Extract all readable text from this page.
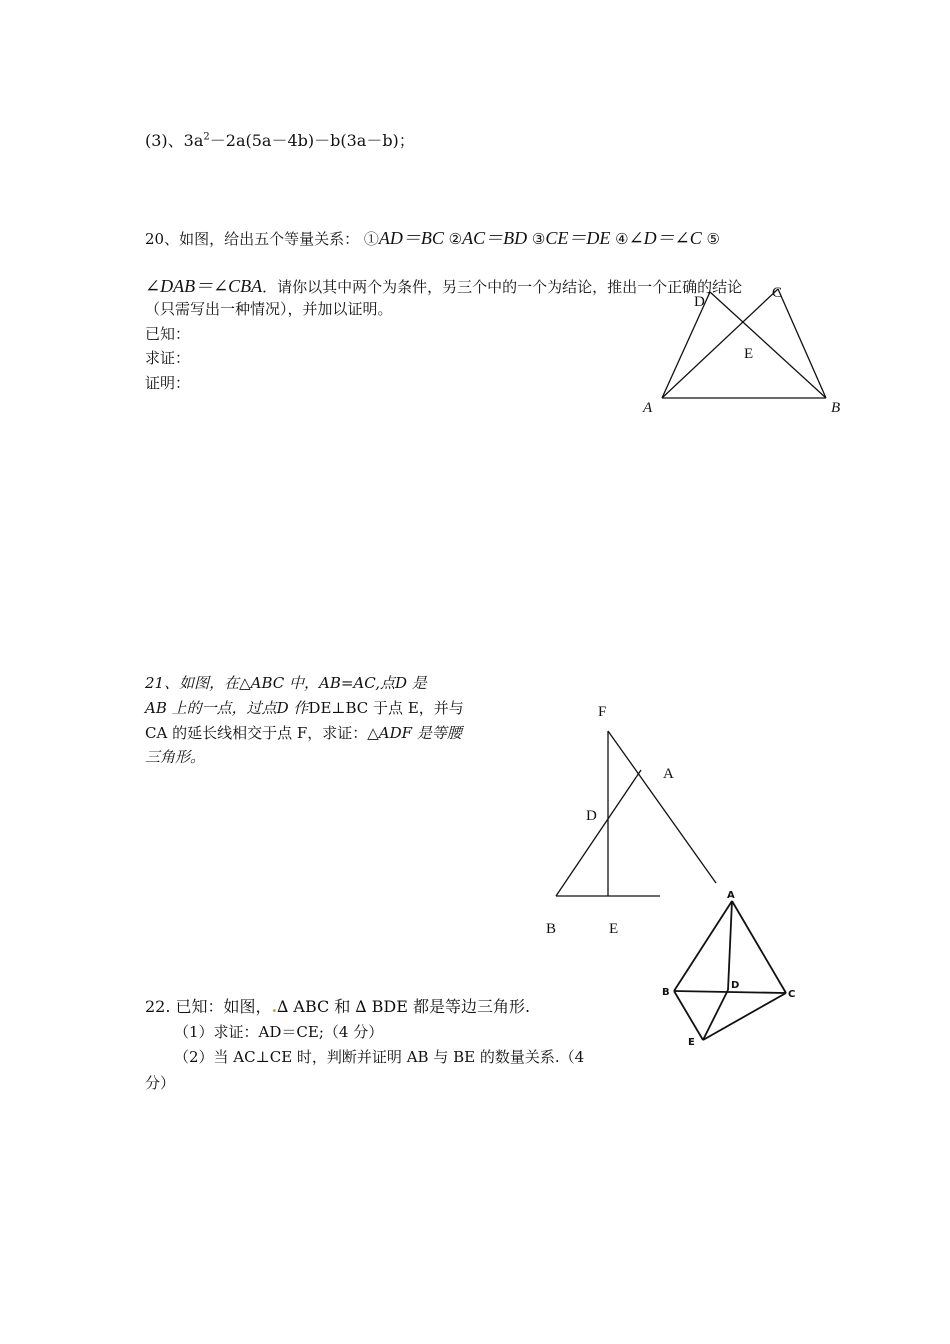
(3)、$3a^2-2a(5a-4b)-b(3a-b)$；
20、如图，给出五个等量关系： ①AD＝BC ②AC＝BD ③CE＝DE ④∠D＝∠C ⑤
∠DAB＝∠CBA．请你以其中两个为条件，另三个中的一个为结论，推出一个正确的结论
（只需写出一种情况），并加以证明。
已知：
求证：
证明：
A	B
D
C
E
21、如图，在△ABC 中，AB=AC,点D 是
AB 上的一点，过点D 作DE⊥BC 于点 E，并与
CA 的延长线相交于点 F，求证：△ADF 是等腰
三角形。
F
A
D
B	E
22. 已知：如图，.∆ ABC 和 ∆ BDE 都是等边三角形.
（1）求证：AD＝CE;（4 分）
（2）当 AC⊥CE 时，判断并证明 AB 与 BE 的数量关系.（4
分）
A
B
D
C
E
